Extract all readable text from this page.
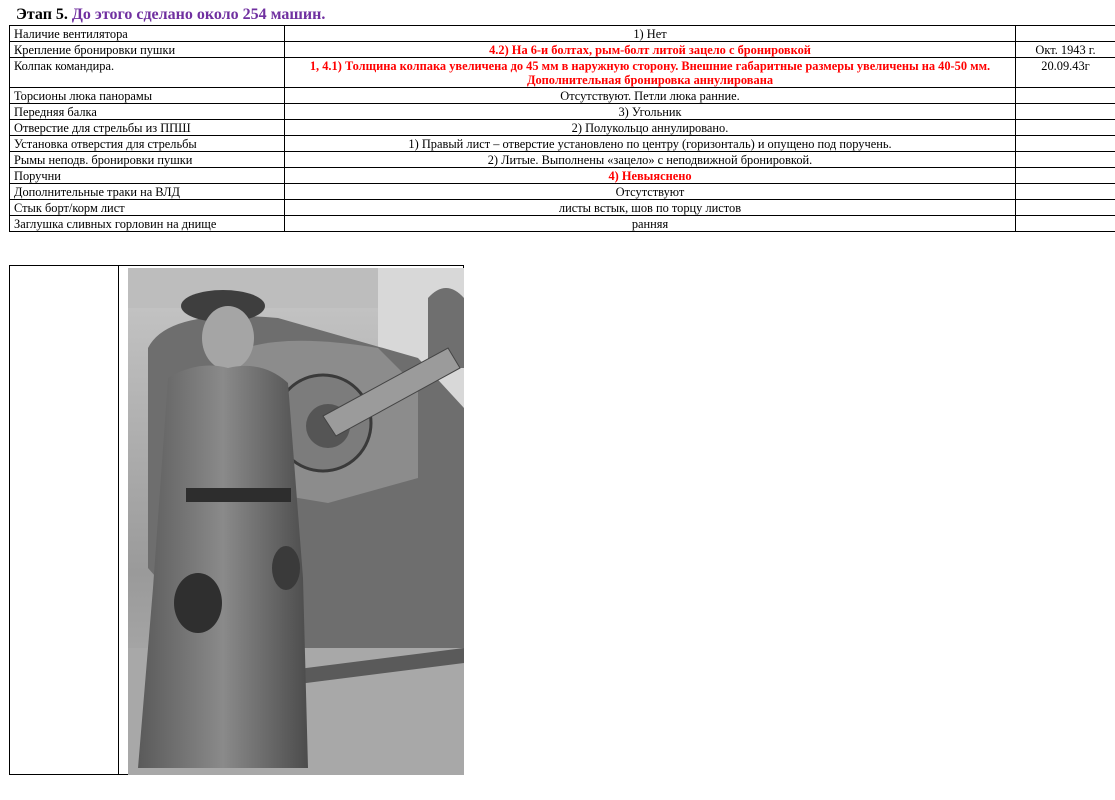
Этап 5. До этого сделано около 254 машин.
Наличие вентилятора	1) Нет	
Крепление бронировки пушки	4.2) На 6-и болтах, рым-болт литой зацело с бронировкой	Окт. 1943 г.
Колпак командира.	1, 4.1) Толщина колпака увеличена до 45 мм в наружную сторону. Внешние габаритные размеры увеличены на 40-50 мм. Дополнительная бронировка аннулирована	20.09.43г
Торсионы люка панорамы	Отсутствуют. Петли люка ранние.	
Передняя балка	3) Угольник	
Отверстие для стрельбы из ППШ	2) Полукольцо аннулировано.	
Установка отверстия для стрельбы	1) Правый лист – отверстие установлено по центру (горизонталь) и опущено под поручень.	
Рымы неподв. бронировки пушки	2) Литые. Выполнены «зацело» с неподвижной бронировкой.	
Поручни	4) Невыяснено	
Дополнительные траки на ВЛД	Отсутствуют	
Стык борт/корм лист	листы встык, шов по торцу листов	
Заглушка сливных горловин на днище	ранняя	
